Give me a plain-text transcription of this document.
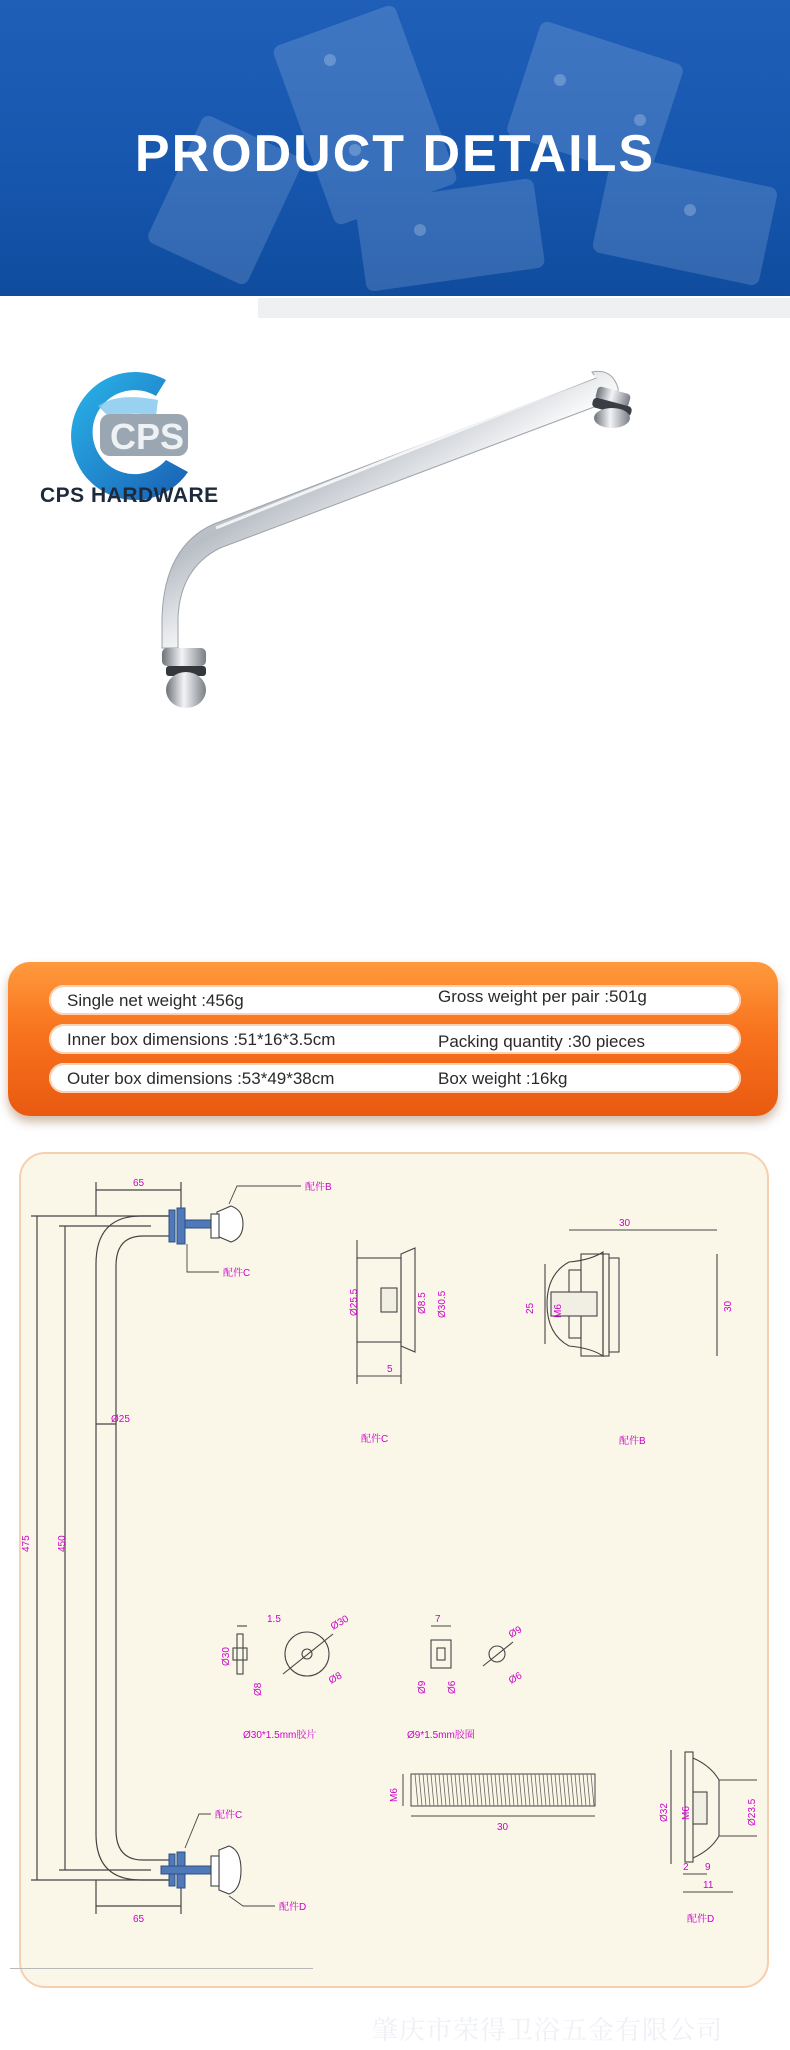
PRODUCT DETAILS
CPS
CPS HARDWARE
Single net weight :456g	Gross weight per pair :501g
Inner box dimensions :51*16*3.5cm	Packing quantity :30 pieces
Outer box dimensions :53*49*38cm	Box weight :16kg
65
65
475	450
Ø25
配件B
配件C
配件C
配件D
Ø25.5	Ø8.5 Ø30.5
5
配件C
30
25 M6	30
配件B
1.5
Ø30
Ø8
Ø30
Ø8
Ø30*1.5mm胶片
7
Ø9 Ø6
Ø9
Ø6
Ø9*1.5mm胶圈
M6
30
Ø32 M6	Ø23.5
2 9
11
配件D
肇庆市荣得卫浴五金有限公司
